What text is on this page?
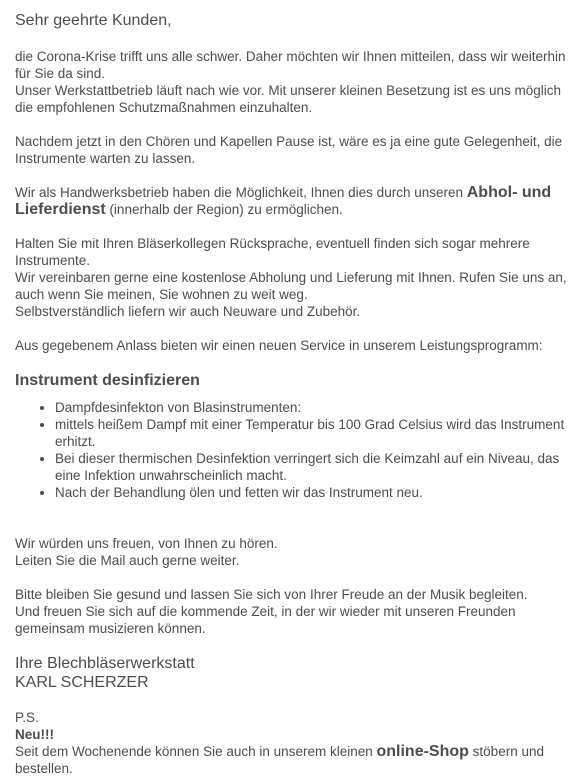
Sehr geehrte Kunden,

die Corona-Krise trifft uns alle schwer. Daher möchten wir Ihnen mitteilen, dass wir weiterhin für Sie da sind.
Unser Werkstattbetrieb läuft nach wie vor. Mit unserer kleinen Besetzung ist es uns möglich die empfohlenen Schutzmaßnahmen einzuhalten.

Nachdem jetzt in den Chören und Kapellen Pause ist, wäre es ja eine gute Gelegenheit, die Instrumente warten zu lassen.

Wir als Handwerksbetrieb haben die Möglichkeit, Ihnen dies durch unseren Abhol- und Lieferdienst (innerhalb der Region) zu ermöglichen.

Halten Sie mit Ihren Bläserkollegen Rücksprache, eventuell finden sich sogar mehrere Instrumente.
Wir vereinbaren gerne eine kostenlose Abholung und Lieferung mit Ihnen. Rufen Sie uns an, auch wenn Sie meinen, Sie wohnen zu weit weg.
Selbstverständlich liefern wir auch Neuware und Zubehör.

Aus gegebenem Anlass bieten wir einen neuen Service in unserem Leistungsprogramm:

Instrument desinfizieren

• Dampfdesinfekton von Blasinstrumenten:
• mittels heißem Dampf mit einer Temperatur bis 100 Grad Celsius wird das Instrument erhitzt.
• Bei dieser thermischen Desinfektion verringert sich die Keimzahl auf ein Niveau, das eine Infektion unwahrscheinlich macht.
• Nach der Behandlung ölen und fetten wir das Instrument neu.
Wir würden uns freuen, von Ihnen zu hören.
Leiten Sie die Mail auch gerne weiter.
Bitte bleiben Sie gesund und lassen Sie sich von Ihrer Freude an der Musik begleiten.
Und freuen Sie sich auf die kommende Zeit, in der wir wieder mit unseren Freunden gemeinsam musizieren können.
Ihre Blechbläserwerkstatt
KARL SCHERZER
P.S.
Neu!!!
Seit dem Wochenende können Sie auch in unserem kleinen online-Shop stöbern und bestellen.
